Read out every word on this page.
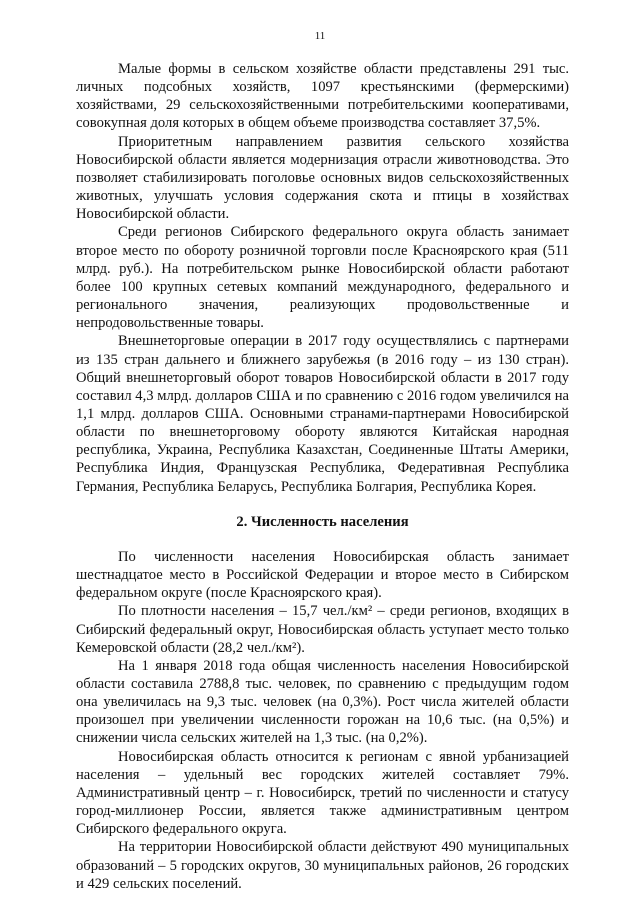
11

Малые формы в сельском хозяйстве области представлены 291 тыс. личных подсобных хозяйств, 1097 крестьянскими (фермерскими) хозяйствами, 29 сельскохозяйственными потребительскими кооперативами, совокупная доля которых в общем объеме производства составляет 37,5%.

Приоритетным направлением развития сельского хозяйства Новосибирской области является модернизация отрасли животноводства. Это позволяет стабилизировать поголовье основных видов сельскохозяйственных животных, улучшать условия содержания скота и птицы в хозяйствах Новосибирской области.

Среди регионов Сибирского федерального округа область занимает второе место по обороту розничной торговли после Красноярского края (511 млрд. руб.). На потребительском рынке Новосибирской области работают более 100 крупных сетевых компаний международного, федерального и регионального значения, реализующих продовольственные и непродовольственные товары.

Внешнеторговые операции в 2017 году осуществлялись с партнерами из 135 стран дальнего и ближнего зарубежья (в 2016 году – из 130 стран). Общий внешнеторговый оборот товаров Новосибирской области в 2017 году составил 4,3 млрд. долларов США и по сравнению с 2016 годом увеличился на 1,1 млрд. долларов США. Основными странами-партнерами Новосибирской области по внешнеторговому обороту являются Китайская народная республика, Украина, Республика Казахстан, Соединенные Штаты Америки, Республика Индия, Французская Республика, Федеративная Республика Германия, Республика Беларусь, Республика Болгария, Республика Корея.

2. Численность населения

По численности населения Новосибирская область занимает шестнадцатое место в Российской Федерации и второе место в Сибирском федеральном округе (после Красноярского края).

По плотности населения – 15,7 чел./км² – среди регионов, входящих в Сибирский федеральный округ, Новосибирская область уступает место только Кемеровской области (28,2 чел./км²).

На 1 января 2018 года общая численность населения Новосибирской области составила 2788,8 тыс. человек, по сравнению с предыдущим годом она увеличилась на 9,3 тыс. человек (на 0,3%). Рост числа жителей области произошел при увеличении численности горожан на 10,6 тыс. (на 0,5%) и снижении числа сельских жителей на 1,3 тыс. (на 0,2%).

Новосибирская область относится к регионам с явной урбанизацией населения – удельный вес городских жителей составляет 79%. Административный центр – г. Новосибирск, третий по численности и статусу город-миллионер России, является также административным центром Сибирского федерального округа.

На территории Новосибирской области действуют 490 муниципальных образований – 5 городских округов, 30 муниципальных районов, 26 городских и 429 сельских поселений.
